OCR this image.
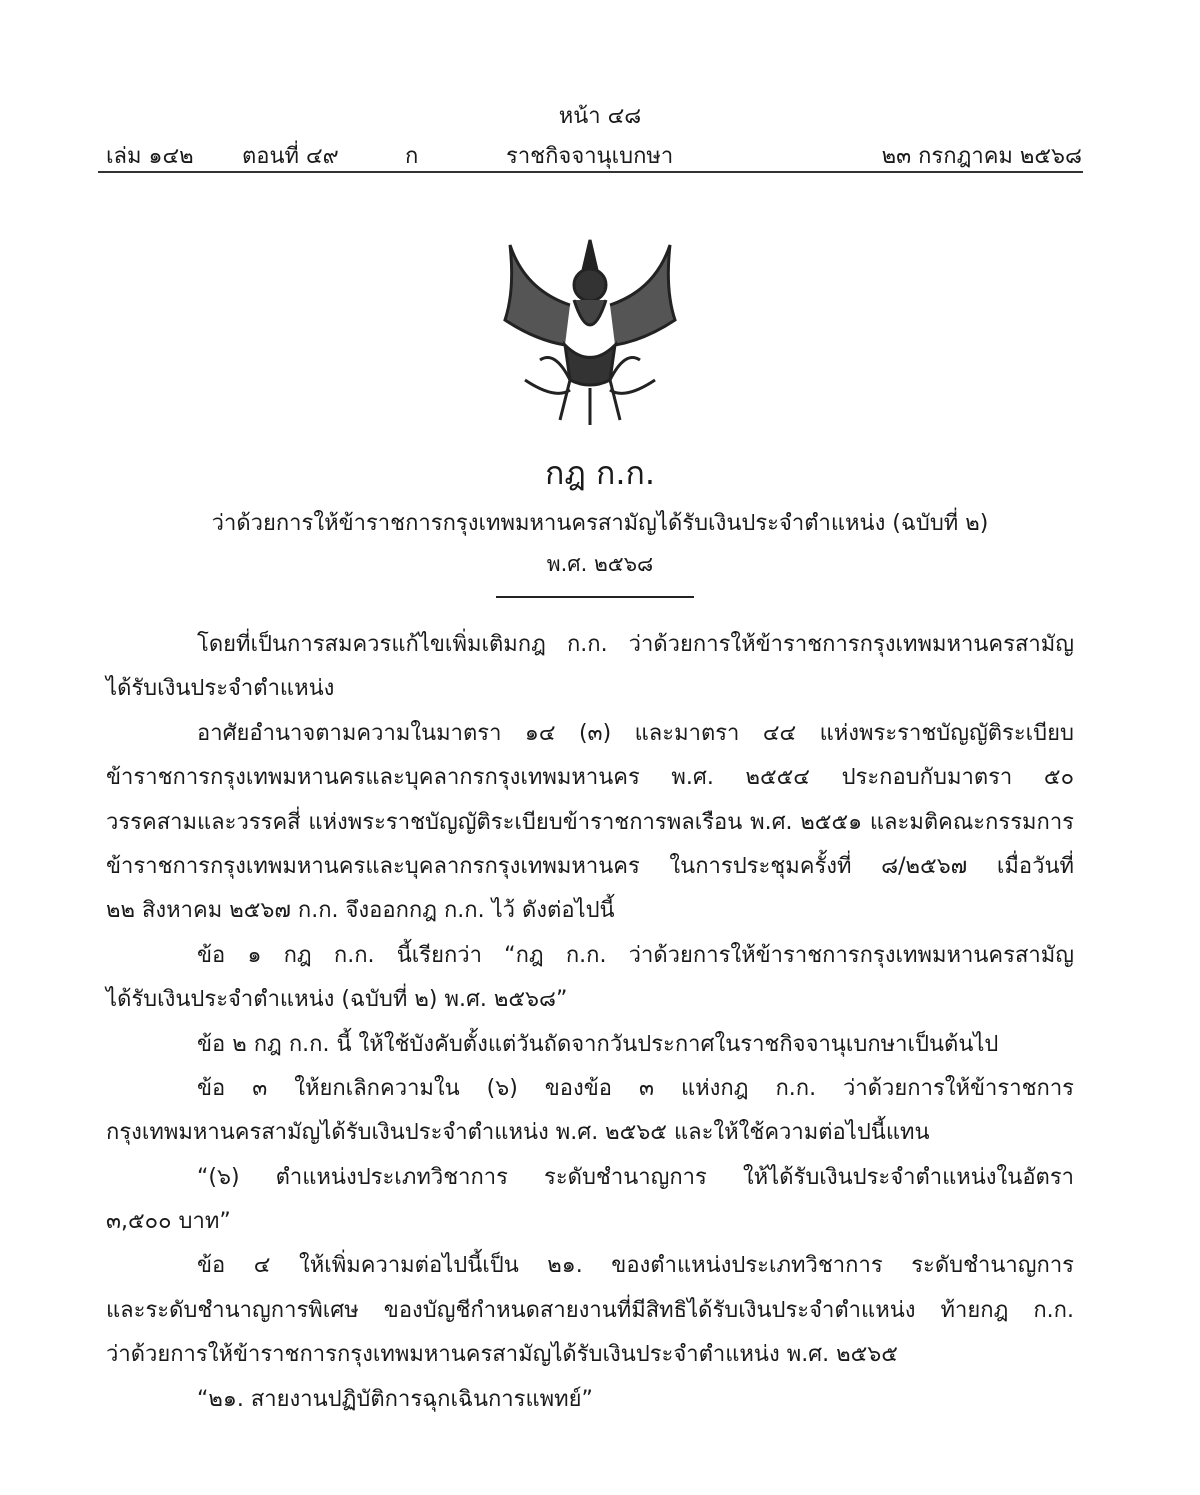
หน้า ๔๘
เล่ม ๑๔๒ ตอนที่ ๔๙	ก	ราชกิจจานุเบกษา	๒๓ กรกฎาคม ๒๕๖๘
กฎ ก.ก.
ว่าด้วยการให้ข้าราชการกรุงเทพมหานครสามัญได้รับเงินประจำตำแหน่ง (ฉบับที่ ๒)
พ.ศ. ๒๕๖๘
โดยที่เป็นการสมควรแก้ไขเพิ่มเติมกฎ ก.ก. ว่าด้วยการให้ข้าราชการกรุงเทพมหานครสามัญ
ได้รับเงินประจำตำแหน่ง
อาศัยอำนาจตามความในมาตรา ๑๔ (๓) และมาตรา ๔๔ แห่งพระราชบัญญัติระเบียบ
ข้าราชการกรุงเทพมหานครและบุคลากรกรุงเทพมหานคร พ.ศ. ๒๕๕๔ ประกอบกับมาตรา ๕๐
วรรคสามและวรรคสี่ แห่งพระราชบัญญัติระเบียบข้าราชการพลเรือน พ.ศ. ๒๕๕๑ และมติคณะกรรมการ
ข้าราชการกรุงเทพมหานครและบุคลากรกรุงเทพมหานคร ในการประชุมครั้งที่ ๘/๒๕๖๗ เมื่อวันที่
๒๒ สิงหาคม ๒๕๖๗ ก.ก. จึงออกกฎ ก.ก. ไว้ ดังต่อไปนี้
ข้อ ๑ กฎ ก.ก. นี้เรียกว่า “กฎ ก.ก. ว่าด้วยการให้ข้าราชการกรุงเทพมหานครสามัญ
ได้รับเงินประจำตำแหน่ง (ฉบับที่ ๒) พ.ศ. ๒๕๖๘”
ข้อ ๒ กฎ ก.ก. นี้ ให้ใช้บังคับตั้งแต่วันถัดจากวันประกาศในราชกิจจานุเบกษาเป็นต้นไป
ข้อ ๓ ให้ยกเลิกความใน (๖) ของข้อ ๓ แห่งกฎ ก.ก. ว่าด้วยการให้ข้าราชการ
กรุงเทพมหานครสามัญได้รับเงินประจำตำแหน่ง พ.ศ. ๒๕๖๕ และให้ใช้ความต่อไปนี้แทน
“(๖) ตำแหน่งประเภทวิชาการ ระดับชำนาญการ ให้ได้รับเงินประจำตำแหน่งในอัตรา
๓,๕๐๐ บาท”
ข้อ ๔ ให้เพิ่มความต่อไปนี้เป็น ๒๑. ของตำแหน่งประเภทวิชาการ ระดับชำนาญการ
และระดับชำนาญการพิเศษ ของบัญชีกำหนดสายงานที่มีสิทธิได้รับเงินประจำตำแหน่ง ท้ายกฎ ก.ก.
ว่าด้วยการให้ข้าราชการกรุงเทพมหานครสามัญได้รับเงินประจำตำแหน่ง พ.ศ. ๒๕๖๕
“๒๑. สายงานปฏิบัติการฉุกเฉินการแพทย์”
